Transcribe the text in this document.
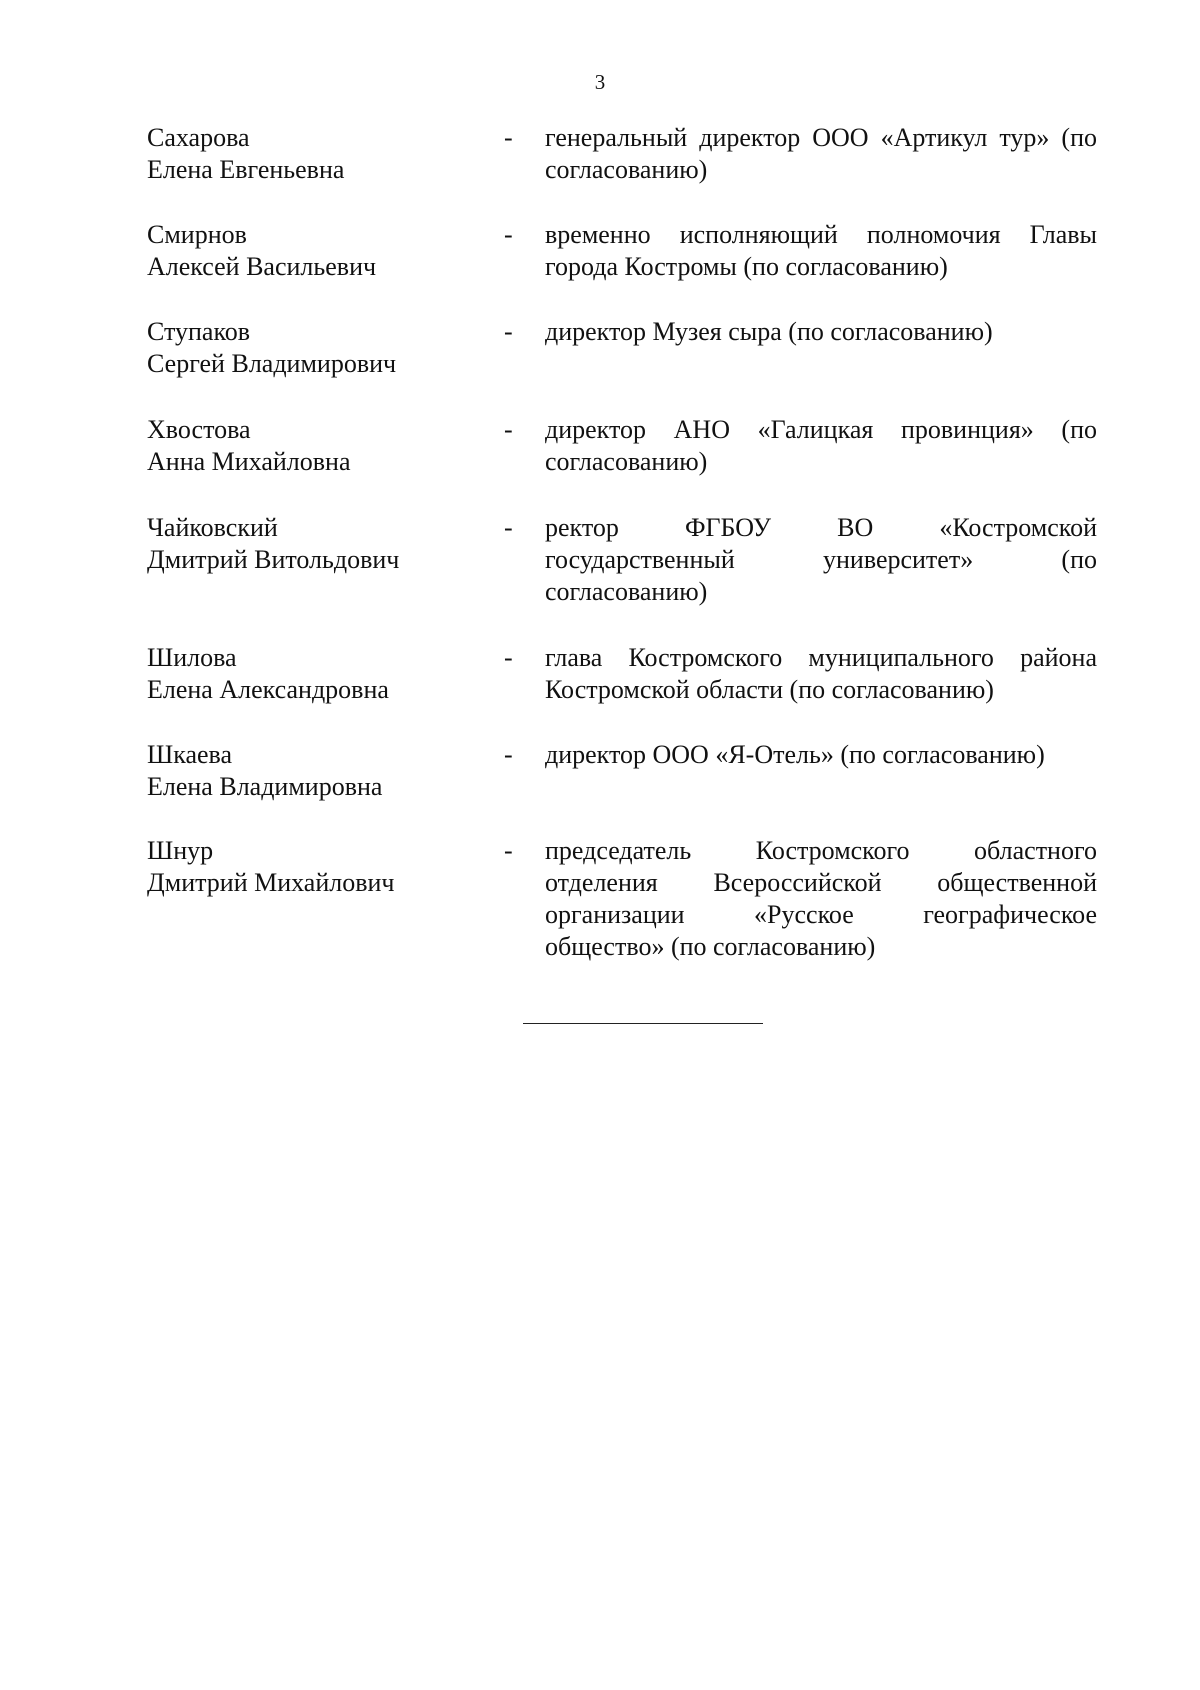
3
Сахарова
Елена Евгеньевна
- генеральный директор ООО «Артикул тур» (по согласованию)
Смирнов
Алексей Васильевич
- временно исполняющий полномочия Главы города Костромы (по согласованию)
Ступаков
Сергей Владимирович
- директор Музея сыра (по согласованию)
Хвостова
Анна Михайловна
- директор АНО «Галицкая провинция» (по согласованию)
Чайковский
Дмитрий Витольдович
- ректор ФГБОУ ВО «Костромской государственный университет» (по согласованию)
Шилова
Елена Александровна
- глава Костромского муниципального района Костромской области (по согласованию)
Шкаева
Елена Владимировна
- директор ООО «Я-Отель» (по согласованию)
Шнур
Дмитрий Михайлович
- председатель Костромского областного отделения Всероссийской общественной организации «Русское географическое общество» (по согласованию)
